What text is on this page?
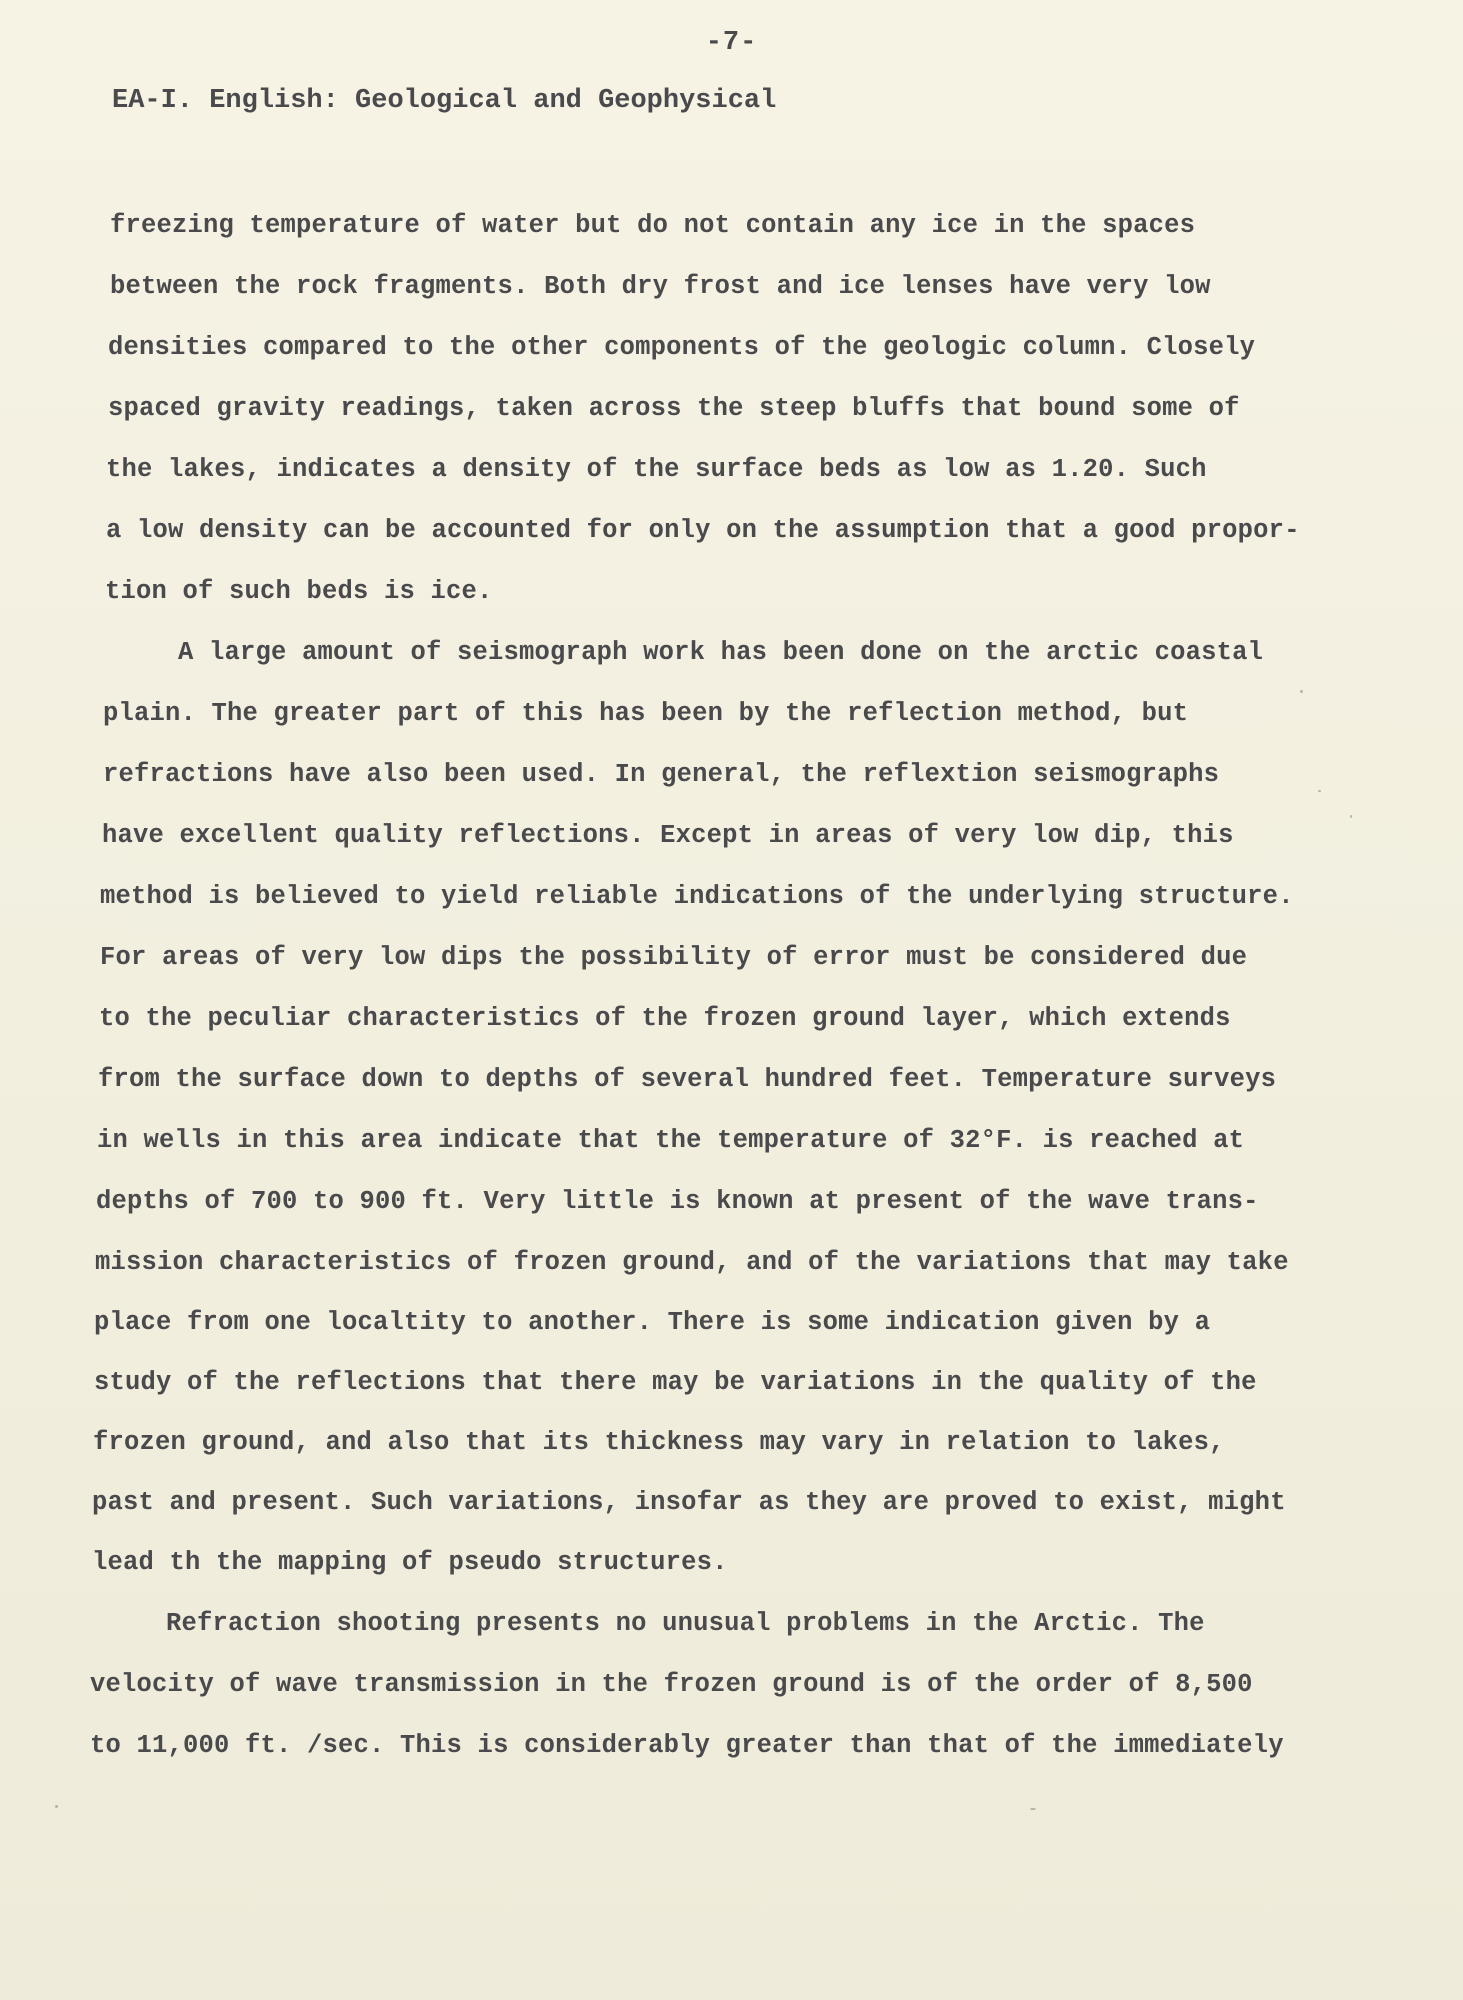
-7-

EA-I. English: Geological and Geophysical

freezing temperature of water but do not contain any ice in the spaces

between the rock fragments. Both dry frost and ice lenses have very low

densities compared to the other components of the geologic column. Closely

spaced gravity readings, taken across the steep bluffs that bound some of

the lakes, indicates a density of the surface beds as low as 1.20. Such

a low density can be accounted for only on the assumption that a good propor-

tion of such beds is ice.

A large amount of seismograph work has been done on the arctic coastal

plain. The greater part of this has been by the reflection method, but

refractions have also been used. In general, the reflextion seismographs

have excellent quality reflections. Except in areas of very low dip, this

method is believed to yield reliable indications of the underlying structure.

For areas of very low dips the possibility of error must be considered due

to the peculiar characteristics of the frozen ground layer, which extends

from the surface down to depths of several hundred feet. Temperature surveys

in wells in this area indicate that the temperature of 32°F. is reached at

depths of 700 to 900 ft. Very little is known at present of the wave trans-

mission characteristics of frozen ground, and of the variations that may take

place from one localtity to another. There is some indication given by a

study of the reflections that there may be variations in the quality of the

frozen ground, and also that its thickness may vary in relation to lakes,

past and present. Such variations, insofar as they are proved to exist, might

lead th the mapping of pseudo structures.

Refraction shooting presents no unusual problems in the Arctic. The

velocity of wave transmission in the frozen ground is of the order of 8,500

to 11,000 ft. /sec. This is considerably greater than that of the immediately
